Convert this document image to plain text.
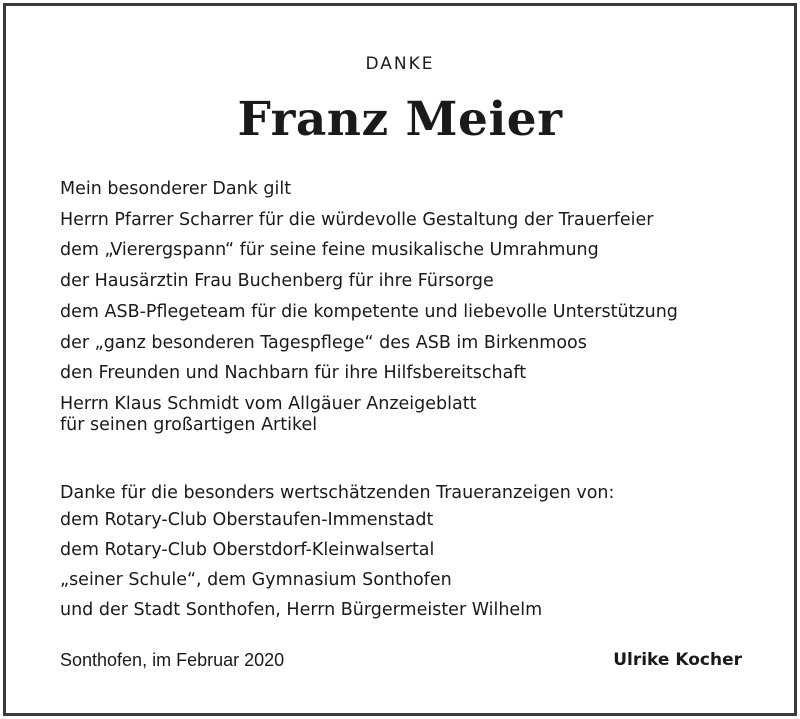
DANKE
Franz Meier
Mein besonderer Dank gilt
Herrn Pfarrer Scharrer für die würdevolle Gestaltung der Trauerfeier
dem „Vierergspann“ für seine feine musikalische Umrahmung
der Hausärztin Frau Buchenberg für ihre Fürsorge
dem ASB-Pflegeteam für die kompetente und liebevolle Unterstützung
der „ganz besonderen Tagespflege“ des ASB im Birkenmoos
den Freunden und Nachbarn für ihre Hilfsbereitschaft
Herrn Klaus Schmidt vom Allgäuer Anzeigeblatt
für seinen großartigen Artikel
Danke für die besonders wertschätzenden Traueranzeigen von:
dem Rotary-Club Oberstaufen-Immenstadt
dem Rotary-Club Oberstdorf-Kleinwalsertal
„seiner Schule“, dem Gymnasium Sonthofen
und der Stadt Sonthofen, Herrn Bürgermeister Wilhelm
Sonthofen, im Februar 2020	Ulrike Kocher
